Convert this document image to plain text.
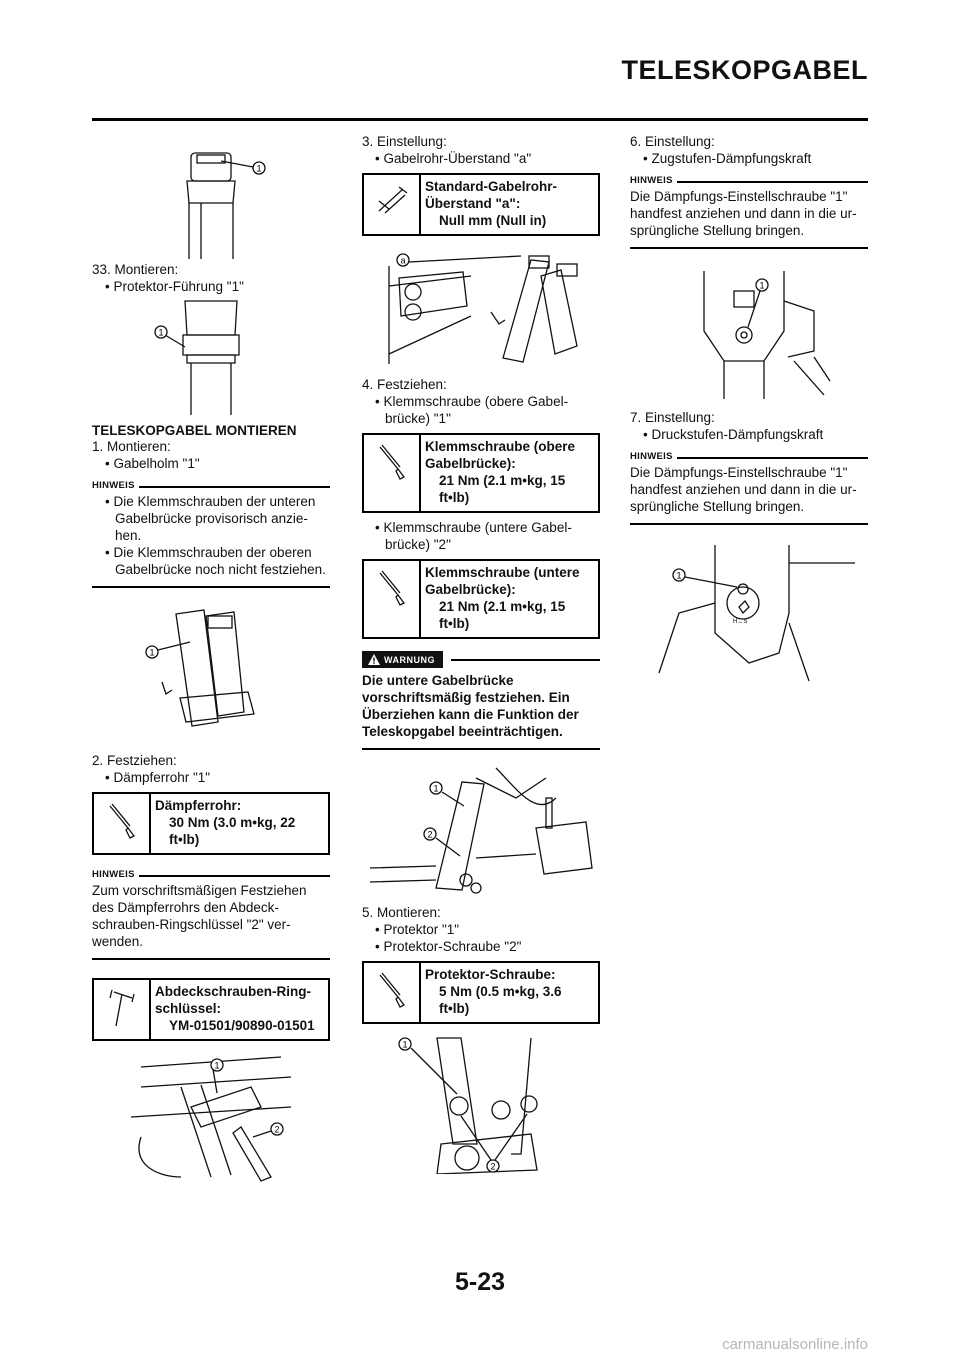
TELESKOPGABEL
1

33. Montieren:

• Protektor-Führung "1"

1

TELESKOPGABEL MONTIEREN

1. Montieren:

• Gabelholm "1"

HINWEIS

• Die Klemmschrauben der unteren Gabelbrücke provisorisch anzie-hen.

• Die Klemmschrauben der oberen Gabelbrücke noch nicht festziehen.

1

2. Festziehen:

• Dämpferrohr "1"

Dämpferrohr:
30 Nm (3.0 m•kg, 22 ft•lb)
HINWEIS
Zum vorschriftsmäßigen Festziehen des Dämpferrohrs den Abdeck-schrauben-Ringschlüssel "2" ver-wenden.
Abdeckschrauben-Ring-schlüssel:
YM-01501/90890-01501
1
2

3. Einstellung:

• Gabelrohr-Überstand "a"

Standard-Gabelrohr-Überstand "a":
Null mm (Null in)
a

4. Festziehen:

• Klemmschraube (obere Gabel-brücke) "1"

Klemmschraube (obere Gabelbrücke):
21 Nm (2.1 m•kg, 15 ft•lb)

• Klemmschraube (untere Gabel-brücke) "2"

Klemmschraube (untere Gabelbrücke):
21 Nm (2.1 m•kg, 15 ft•lb)
WARNUNG
Die untere Gabelbrücke vorschriftsmäßig festziehen. Ein Überziehen kann die Funktion der Teleskopgabel beeinträchtigen.
1
2

5. Montieren:

• Protektor "1"

• Protektor-Schraube "2"

Protektor-Schraube:
5 Nm (0.5 m•kg, 3.6 ft•lb)
1
2

6. Einstellung:

• Zugstufen-Dämpfungskraft

HINWEIS
Die Dämpfungs-Einstellschraube "1" handfest anziehen und dann in die ur-sprüngliche Stellung bringen.
1

7. Einstellung:

• Druckstufen-Dämpfungskraft

HINWEIS
Die Dämpfungs-Einstellschraube "1" handfest anziehen und dann in die ur-sprüngliche Stellung bringen.
H↔S
1
5-23
carmanualsonline.info
